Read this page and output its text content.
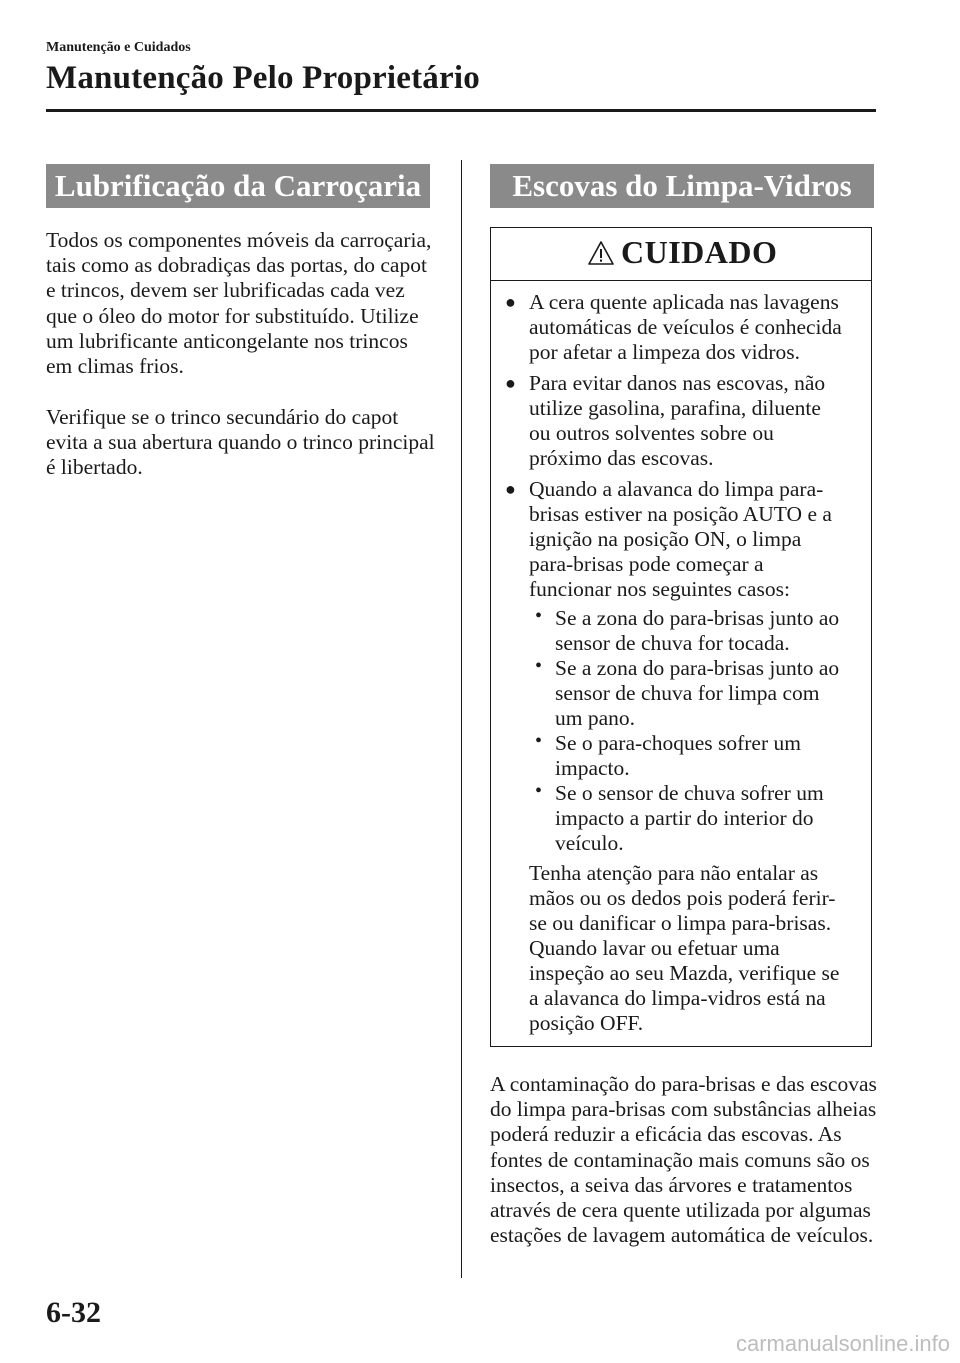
Manutenção e Cuidados
Manutenção Pelo Proprietário
Lubrificação da Carroçaria
Todos os componentes móveis da carroçaria, tais como as dobradiças das portas, do capot e trincos, devem ser lubrificadas cada vez que o óleo do motor for substituído. Utilize um lubrificante anticongelante nos trincos em climas frios.
Verifique se o trinco secundário do capot evita a sua abertura quando o trinco principal é libertado.
Escovas do Limpa-Vidros
CUIDADO
● A cera quente aplicada nas lavagens
automáticas de veículos é conhecida
por afetar a limpeza dos vidros.
● Para evitar danos nas escovas, não
utilize gasolina, parafina, diluente
ou outros solventes sobre ou
próximo das escovas.
● Quando a alavanca do limpa para-
brisas estiver na posição AUTO e a
ignição na posição ON, o limpa
para-brisas pode começar a
funcionar nos seguintes casos:
• Se a zona do para-brisas junto ao
sensor de chuva for tocada.
• Se a zona do para-brisas junto ao
sensor de chuva for limpa com
um pano.
• Se o para-choques sofrer um
impacto.
• Se o sensor de chuva sofrer um
impacto a partir do interior do
veículo.
Tenha atenção para não entalar as
mãos ou os dedos pois poderá ferir-
se ou danificar o limpa para-brisas.
Quando lavar ou efetuar uma
inspeção ao seu Mazda, verifique se
a alavanca do limpa-vidros está na
posição OFF.
A contaminação do para-brisas e das escovas do limpa para-brisas com substâncias alheias poderá reduzir a eficácia das escovas. As fontes de contaminação mais comuns são os insectos, a seiva das árvores e tratamentos através de cera quente utilizada por algumas estações de lavagem automática de veículos.
6-32
carmanualsonline.info
